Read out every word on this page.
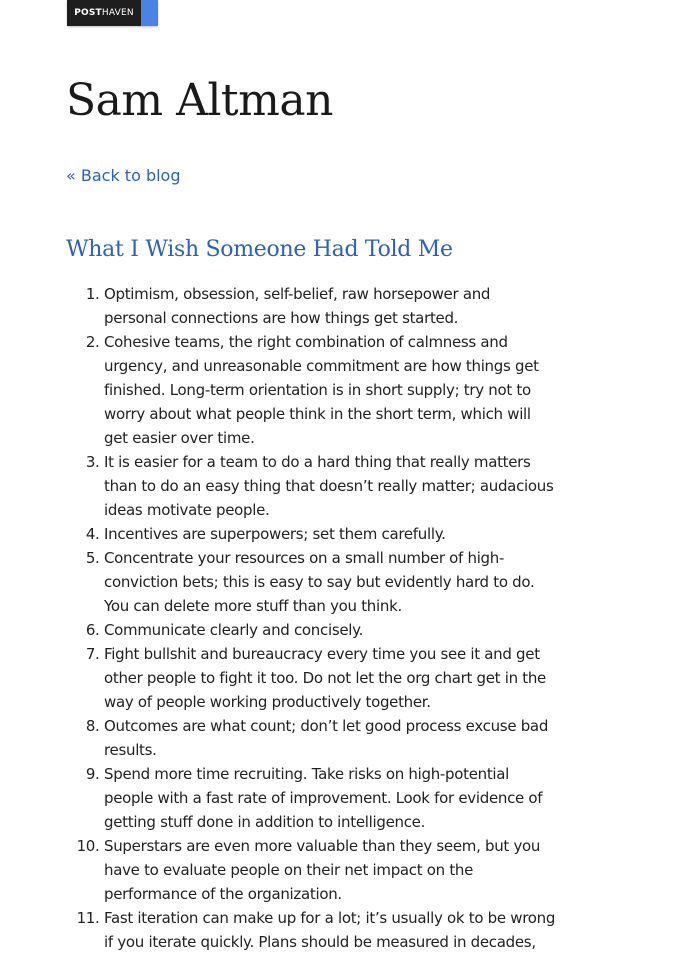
POST HAVEN
Sam Altman
« Back to blog
What I Wish Someone Had Told Me
1. Optimism, obsession, self-belief, raw horsepower and personal connections are how things get started.
2. Cohesive teams, the right combination of calmness and urgency, and unreasonable commitment are how things get finished. Long-term orientation is in short supply; try not to worry about what people think in the short term, which will get easier over time.
3. It is easier for a team to do a hard thing that really matters than to do an easy thing that doesn’t really matter; audacious ideas motivate people.
4. Incentives are superpowers; set them carefully.
5. Concentrate your resources on a small number of high-conviction bets; this is easy to say but evidently hard to do. You can delete more stuff than you think.
6. Communicate clearly and concisely.
7. Fight bullshit and bureaucracy every time you see it and get other people to fight it too. Do not let the org chart get in the way of people working productively together.
8. Outcomes are what count; don’t let good process excuse bad results.
9. Spend more time recruiting. Take risks on high-potential people with a fast rate of improvement. Look for evidence of getting stuff done in addition to intelligence.
10. Superstars are even more valuable than they seem, but you have to evaluate people on their net impact on the performance of the organization.
11. Fast iteration can make up for a lot; it’s usually ok to be wrong if you iterate quickly. Plans should be measured in decades,
